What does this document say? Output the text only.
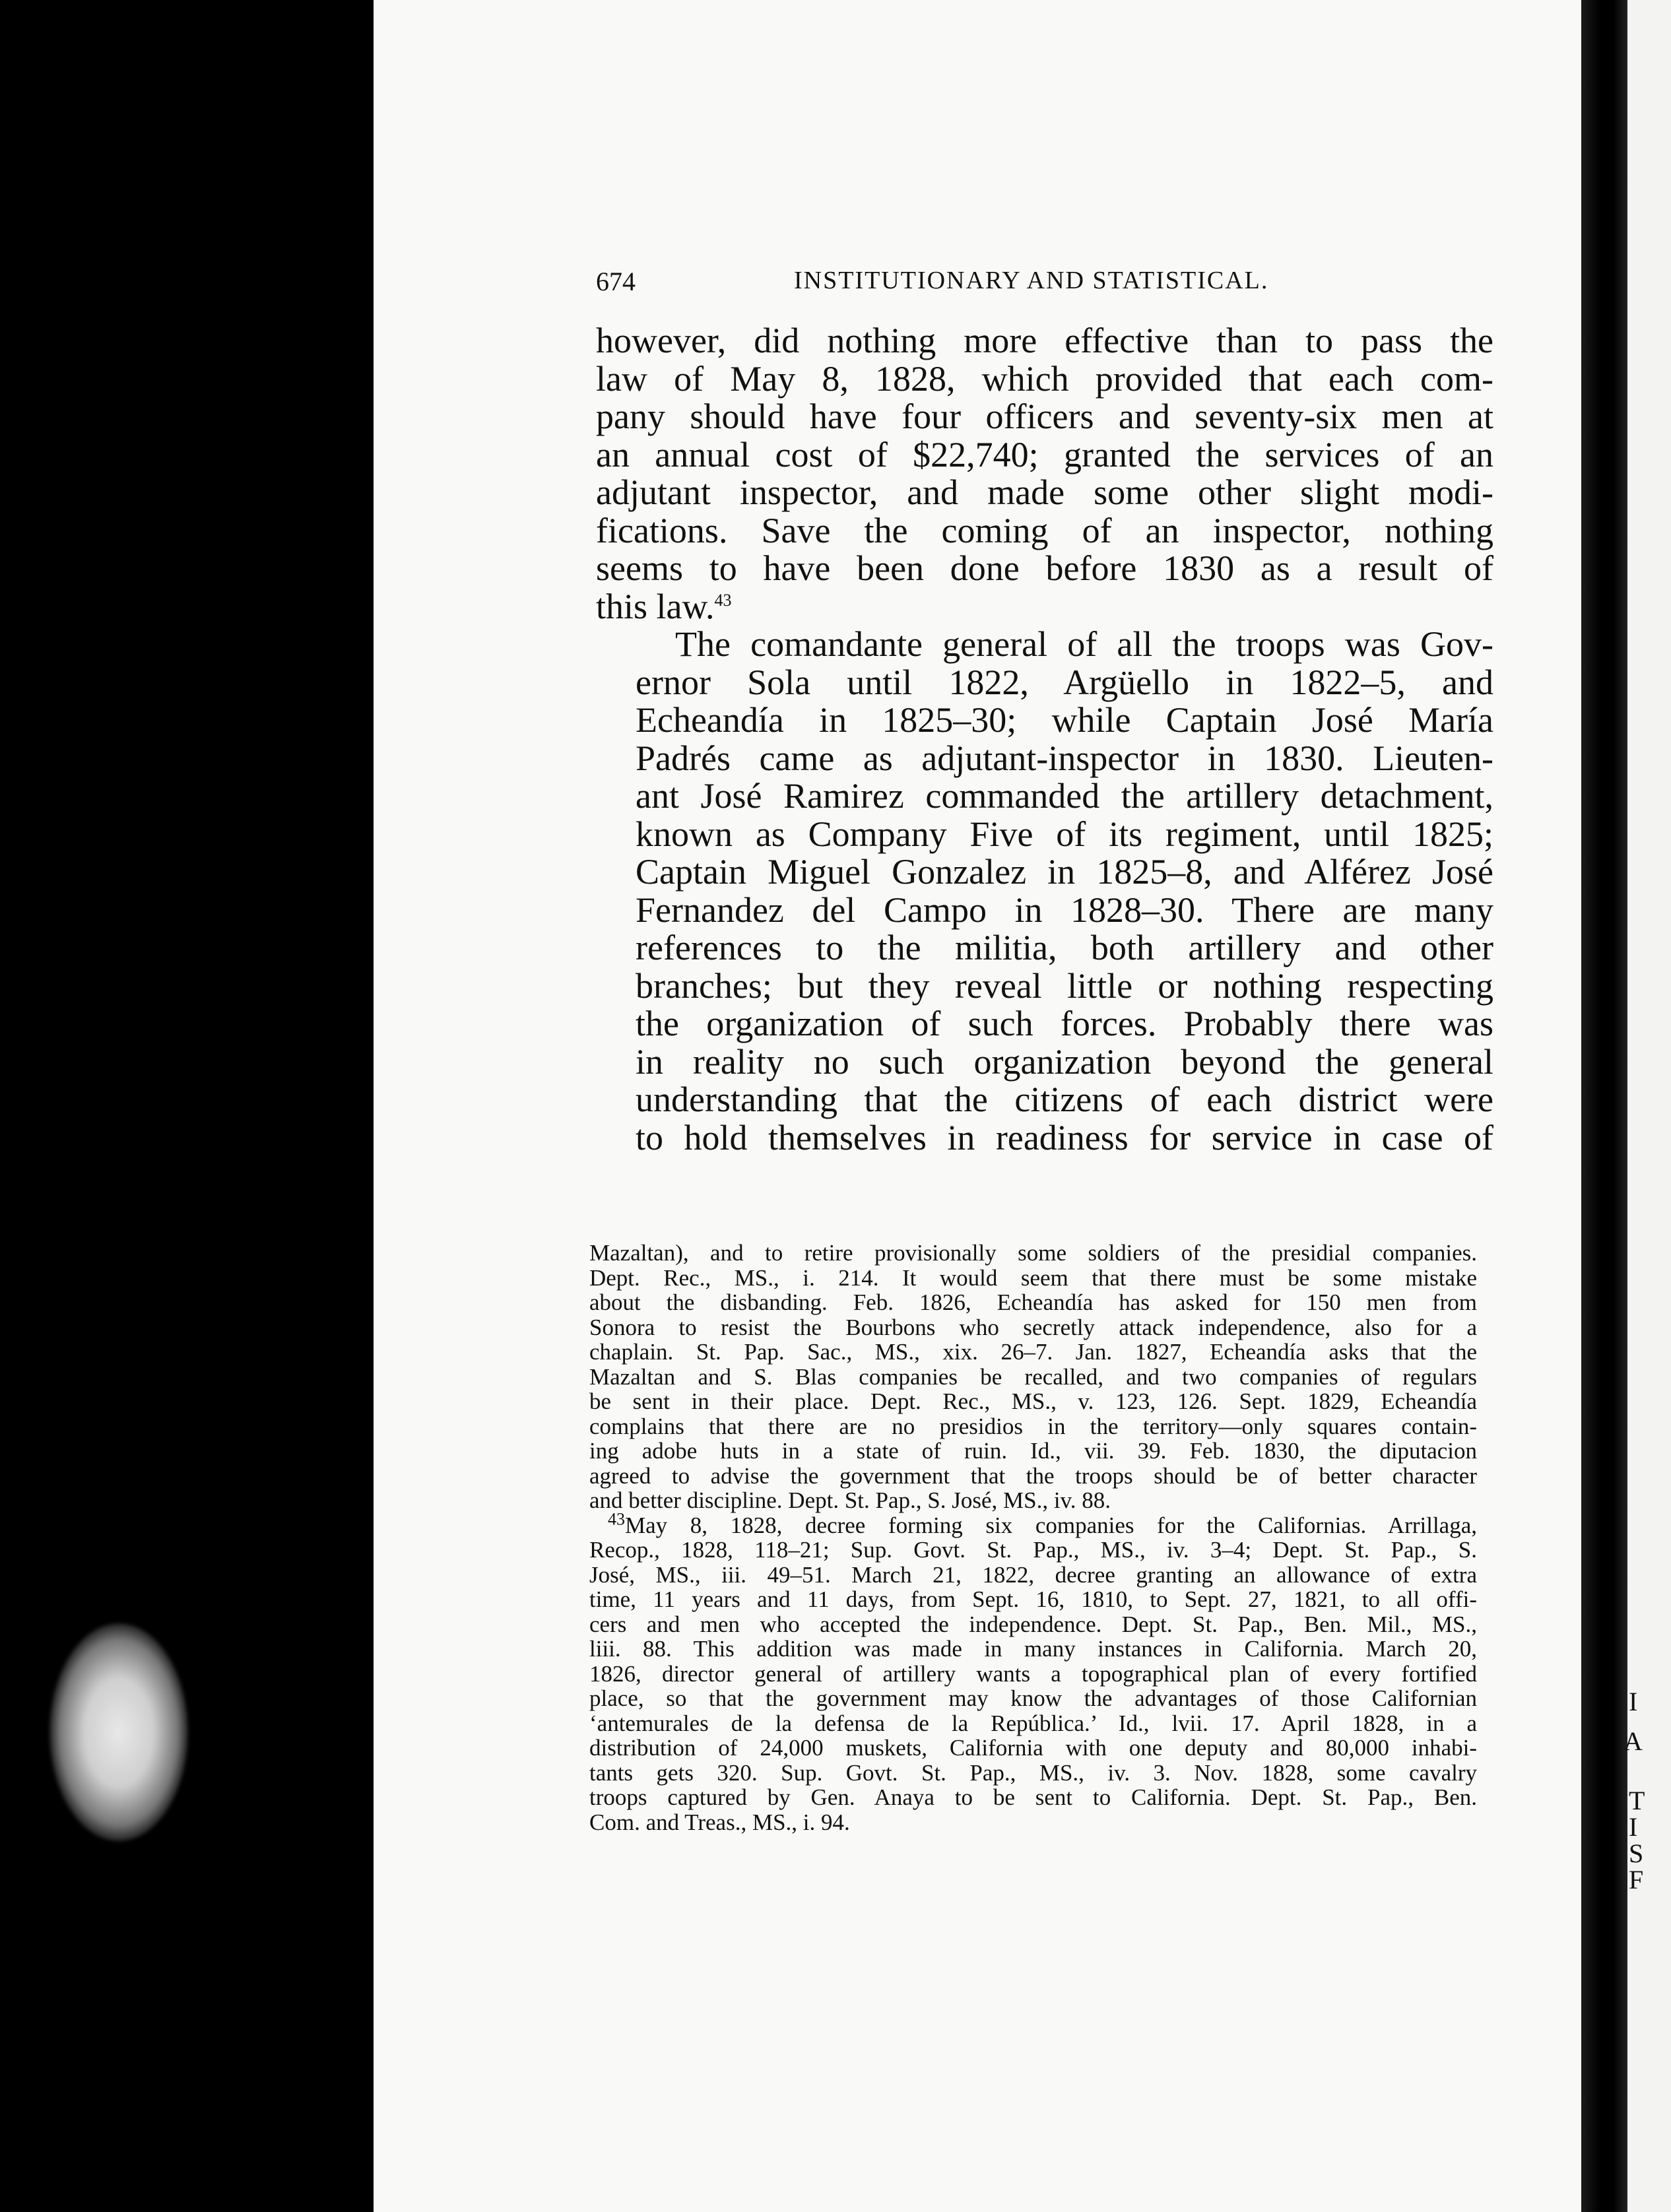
I
A
T
I
S
F
674	INSTITUTIONARY AND STATISTICAL.

however, did nothing more effective than to pass the
law of May 8, 1828, which provided that each com-
pany should have four officers and seventy-six men at
an annual cost of $22,740; granted the services of an
adjutant inspector, and made some other slight modi-
fications. Save the coming of an inspector, nothing
seems to have been done before 1830 as a result of
this law.$^{43}$

The comandante general of all the troops was Gov-
ernor Sola until 1822, Argüello in 1822–5, and
Echeandía in 1825–30; while Captain José María
Padrés came as adjutant-inspector in 1830. Lieuten-
ant José Ramirez commanded the artillery detachment,
known as Company Five of its regiment, until 1825;
Captain Miguel Gonzalez in 1825–8, and Alférez José
Fernandez del Campo in 1828–30. There are many
references to the militia, both artillery and other
branches; but they reveal little or nothing respecting
the organization of such forces. Probably there was
in reality no such organization beyond the general
understanding that the citizens of each district were
to hold themselves in readiness for service in case of

Mazaltan), and to retire provisionally some soldiers of the presidial companies.
Dept. Rec., MS., i. 214. It would seem that there must be some mistake
about the disbanding. Feb. 1826, Echeandía has asked for 150 men from
Sonora to resist the Bourbons who secretly attack independence, also for a
chaplain. St. Pap. Sac., MS., xix. 26–7. Jan. 1827, Echeandía asks that the
Mazaltan and S. Blas companies be recalled, and two companies of regulars
be sent in their place. Dept. Rec., MS., v. 123, 126. Sept. 1829, Echeandía
complains that there are no presidios in the territory—only squares contain-
ing adobe huts in a state of ruin. Id., vii. 39. Feb. 1830, the diputacion
agreed to advise the government that the troops should be of better character
and better discipline. Dept. St. Pap., S. José, MS., iv. 88.
$^{43}$May 8, 1828, decree forming six companies for the Californias. Arrillaga,
Recop., 1828, 118–21; Sup. Govt. St. Pap., MS., iv. 3–4; Dept. St. Pap., S.
José, MS., iii. 49–51. March 21, 1822, decree granting an allowance of extra
time, 11 years and 11 days, from Sept. 16, 1810, to Sept. 27, 1821, to all offi-
cers and men who accepted the independence. Dept. St. Pap., Ben. Mil., MS.,
liii. 88. This addition was made in many instances in California. March 20,
1826, director general of artillery wants a topographical plan of every fortified
place, so that the government may know the advantages of those Californian
‘antemurales de la defensa de la República.’ Id., lvii. 17. April 1828, in a
distribution of 24,000 muskets, California with one deputy and 80,000 inhabi-
tants gets 320. Sup. Govt. St. Pap., MS., iv. 3. Nov. 1828, some cavalry
troops captured by Gen. Anaya to be sent to California. Dept. St. Pap., Ben.
Com. and Treas., MS., i. 94.
